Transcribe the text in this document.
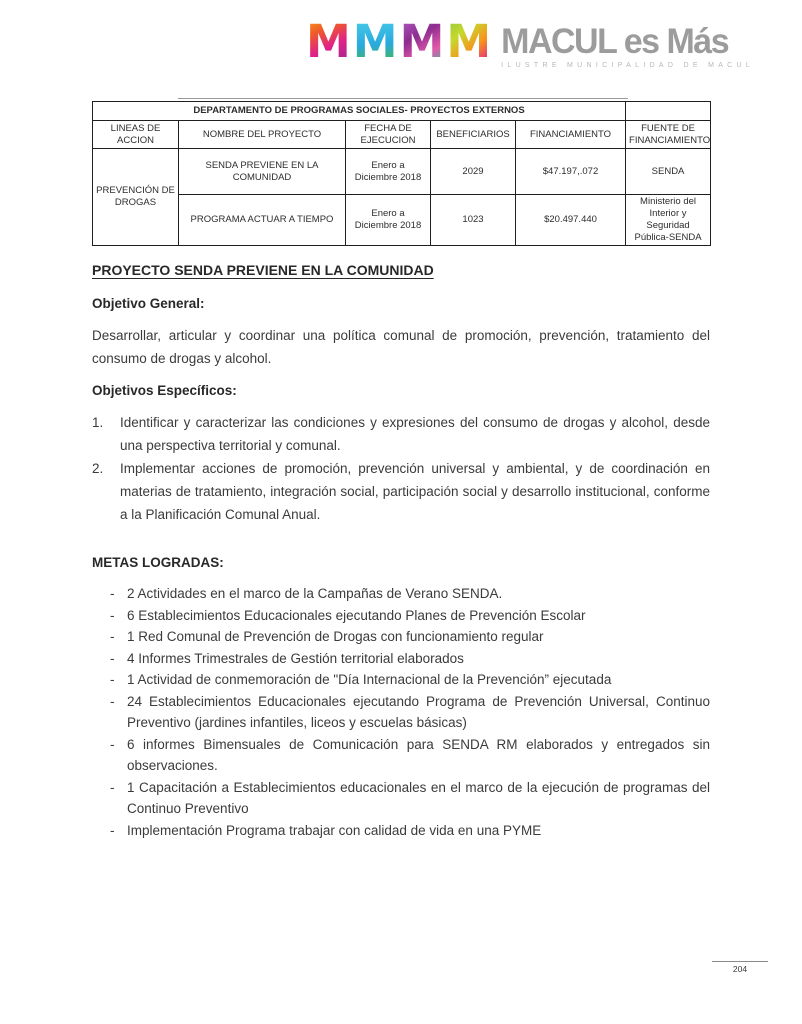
M M M M MACUL es Más
ILUSTRE MUNICIPALIDAD DE MACUL
DEPARTAMENTO DE PROGRAMAS SOCIALES- PROYECTOS EXTERNOS					
LINEAS DE ACCION	NOMBRE DEL PROYECTO	FECHA DE EJECUCION	BENEFICIARIOS	FINANCIAMIENTO	FUENTE DE FINANCIAMIENTO
PREVENCIÓN DE DROGAS	SENDA PREVIENE EN LA COMUNIDAD	Enero a Diciembre 2018	2029	$47.197,.072	SENDA
	PROGRAMA ACTUAR A TIEMPO	Enero a Diciembre 2018	1023	$20.497.440	Ministerio del Interior y Seguridad Pública-SENDA
PROYECTO SENDA PREVIENE EN LA COMUNIDAD
Objetivo General:
Desarrollar, articular y coordinar una política comunal de promoción, prevención, tratamiento del consumo de drogas y alcohol.
Objetivos Específicos:
1.	Identificar y caracterizar las condiciones y expresiones del consumo de drogas y alcohol, desde una perspectiva territorial y comunal.
2.	Implementar acciones de promoción, prevención universal y ambiental, y de coordinación en materias de tratamiento, integración social, participación social y desarrollo institucional, conforme a la Planificación Comunal Anual.
METAS LOGRADAS:
- 2 Actividades en el marco de la Campañas de Verano SENDA.
- 6 Establecimientos Educacionales ejecutando Planes de Prevención Escolar
- 1 Red Comunal de Prevención de Drogas con funcionamiento regular
- 4 Informes Trimestrales de Gestión territorial elaborados
- 1 Actividad de conmemoración de "Día Internacional de la Prevención” ejecutada
- 24 Establecimientos Educacionales ejecutando Programa de Prevención Universal, Continuo Preventivo (jardines infantiles, liceos y escuelas básicas)
- 6 informes Bimensuales de Comunicación para SENDA RM elaborados y entregados sin observaciones.
- 1 Capacitación a Establecimientos educacionales en el marco de la ejecución de programas del Continuo Preventivo
- Implementación Programa trabajar con calidad de vida en una PYME
204
